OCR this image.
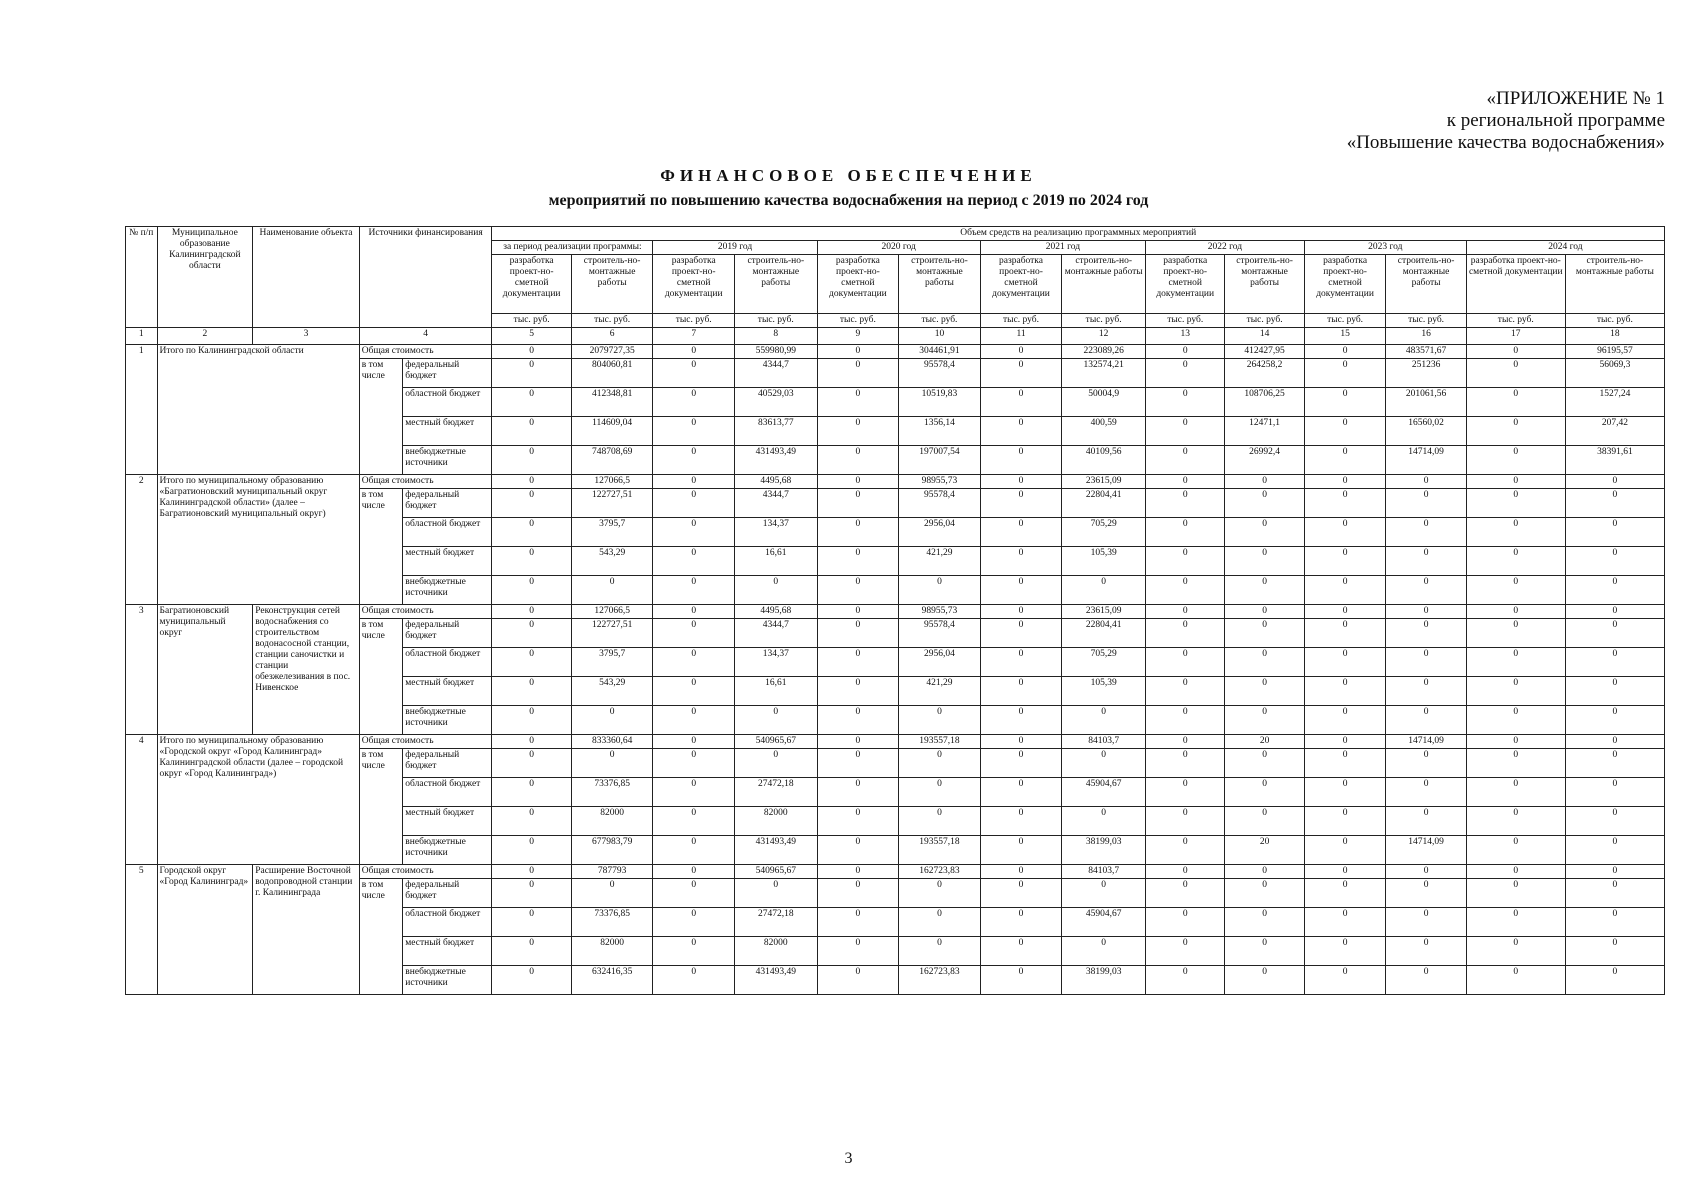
«ПРИЛОЖЕНИЕ № 1
к региональной программе
«Повышение качества водоснабжения»
ФИНАНСОВОЕ ОБЕСПЕЧЕНИЕ
мероприятий по повышению качества водоснабжения на период с 2019 по 2024 год
№ п/п	Муниципальное образование Калининградской области	Наименование объекта	Источники финансирования		Объем средств на реализацию программных мероприятий													
					за период реализации программы:		2019 год		2020 год		2021 год		2022 год		2023 год		2024 год	
					разработка проект-но-сметной документации	строитель-но-монтажные работы	разработка проект-но-сметной документации	строитель-но-монтажные работы	разработка проект-но-сметной документации	строитель-но-монтажные работы	разработка проект-но-сметной документации	строитель-но-монтажные работы	разработка проект-но-сметной документации	строитель-но-монтажные работы	разработка проект-но-сметной документации	строитель-но-монтажные работы	разработка проект-но-сметной документации	строитель-но-монтажные работы
					тыс. руб.	тыс. руб.	тыс. руб.	тыс. руб.	тыс. руб.	тыс. руб.	тыс. руб.	тыс. руб.	тыс. руб.	тыс. руб.	тыс. руб.	тыс. руб.	тыс. руб.	тыс. руб.
1	2	3	4		5	6	7	8	9	10	11	12	13	14	15	16	17	18
1	Итого по Калининградской области		Общая стоимость		0	2079727,35	0	559980,99	0	304461,91	0	223089,26	0	412427,95	0	483571,67	0	96195,57
			в том числе	федеральный бюджет	0	804060,81	0	4344,7	0	95578,4	0	132574,21	0	264258,2	0	251236	0	56069,3
				областной бюджет	0	412348,81	0	40529,03	0	10519,83	0	50004,9	0	108706,25	0	201061,56	0	1527,24
				местный бюджет	0	114609,04	0	83613,77	0	1356,14	0	400,59	0	12471,1	0	16560,02	0	207,42
				внебюджетные источники	0	748708,69	0	431493,49	0	197007,54	0	40109,56	0	26992,4	0	14714,09	0	38391,61
2	Итого по муниципальному образованию «Багратионовский муниципальный округ Калининградской области» (далее – Багратионовский муниципальный округ)		Общая стоимость		0	127066,5	0	4495,68	0	98955,73	0	23615,09	0	0	0	0	0	0
			в том числе	федеральный бюджет	0	122727,51	0	4344,7	0	95578,4	0	22804,41	0	0	0	0	0	0
				областной бюджет	0	3795,7	0	134,37	0	2956,04	0	705,29	0	0	0	0	0	0
				местный бюджет	0	543,29	0	16,61	0	421,29	0	105,39	0	0	0	0	0	0
				внебюджетные источники	0	0	0	0	0	0	0	0	0	0	0	0	0	0
3	Багратионовский муниципальный округ	Реконструкция сетей водоснабжения со строительством водонасосной станции, станции саночистки и станции обезжелезивания в пос. Нивенское	Общая стоимость		0	127066,5	0	4495,68	0	98955,73	0	23615,09	0	0	0	0	0	0
			в том числе	федеральный бюджет	0	122727,51	0	4344,7	0	95578,4	0	22804,41	0	0	0	0	0	0
				областной бюджет	0	3795,7	0	134,37	0	2956,04	0	705,29	0	0	0	0	0	0
				местный бюджет	0	543,29	0	16,61	0	421,29	0	105,39	0	0	0	0	0	0
				внебюджетные источники	0	0	0	0	0	0	0	0	0	0	0	0	0	0
4	Итого по муниципальному образованию «Городской округ «Город Калининград» Калининградской области (далее – городской округ «Город Калининград»)		Общая стоимость		0	833360,64	0	540965,67	0	193557,18	0	84103,7	0	20	0	14714,09	0	0
			в том числе	федеральный бюджет	0	0	0	0	0	0	0	0	0	0	0	0	0	0
				областной бюджет	0	73376,85	0	27472,18	0	0	0	45904,67	0	0	0	0	0	0
				местный бюджет	0	82000	0	82000	0	0	0	0	0	0	0	0	0	0
				внебюджетные источники	0	677983,79	0	431493,49	0	193557,18	0	38199,03	0	20	0	14714,09	0	0
5	Городской округ «Город Калининград»	Расширение Восточной водопроводной станции г. Калининграда	Общая стоимость		0	787793	0	540965,67	0	162723,83	0	84103,7	0	0	0	0	0	0
			в том числе	федеральный бюджет	0	0	0	0	0	0	0	0	0	0	0	0	0	0
				областной бюджет	0	73376,85	0	27472,18	0	0	0	45904,67	0	0	0	0	0	0
				местный бюджет	0	82000	0	82000	0	0	0	0	0	0	0	0	0	0
				внебюджетные источники	0	632416,35	0	431493,49	0	162723,83	0	38199,03	0	0	0	0	0	0
3
